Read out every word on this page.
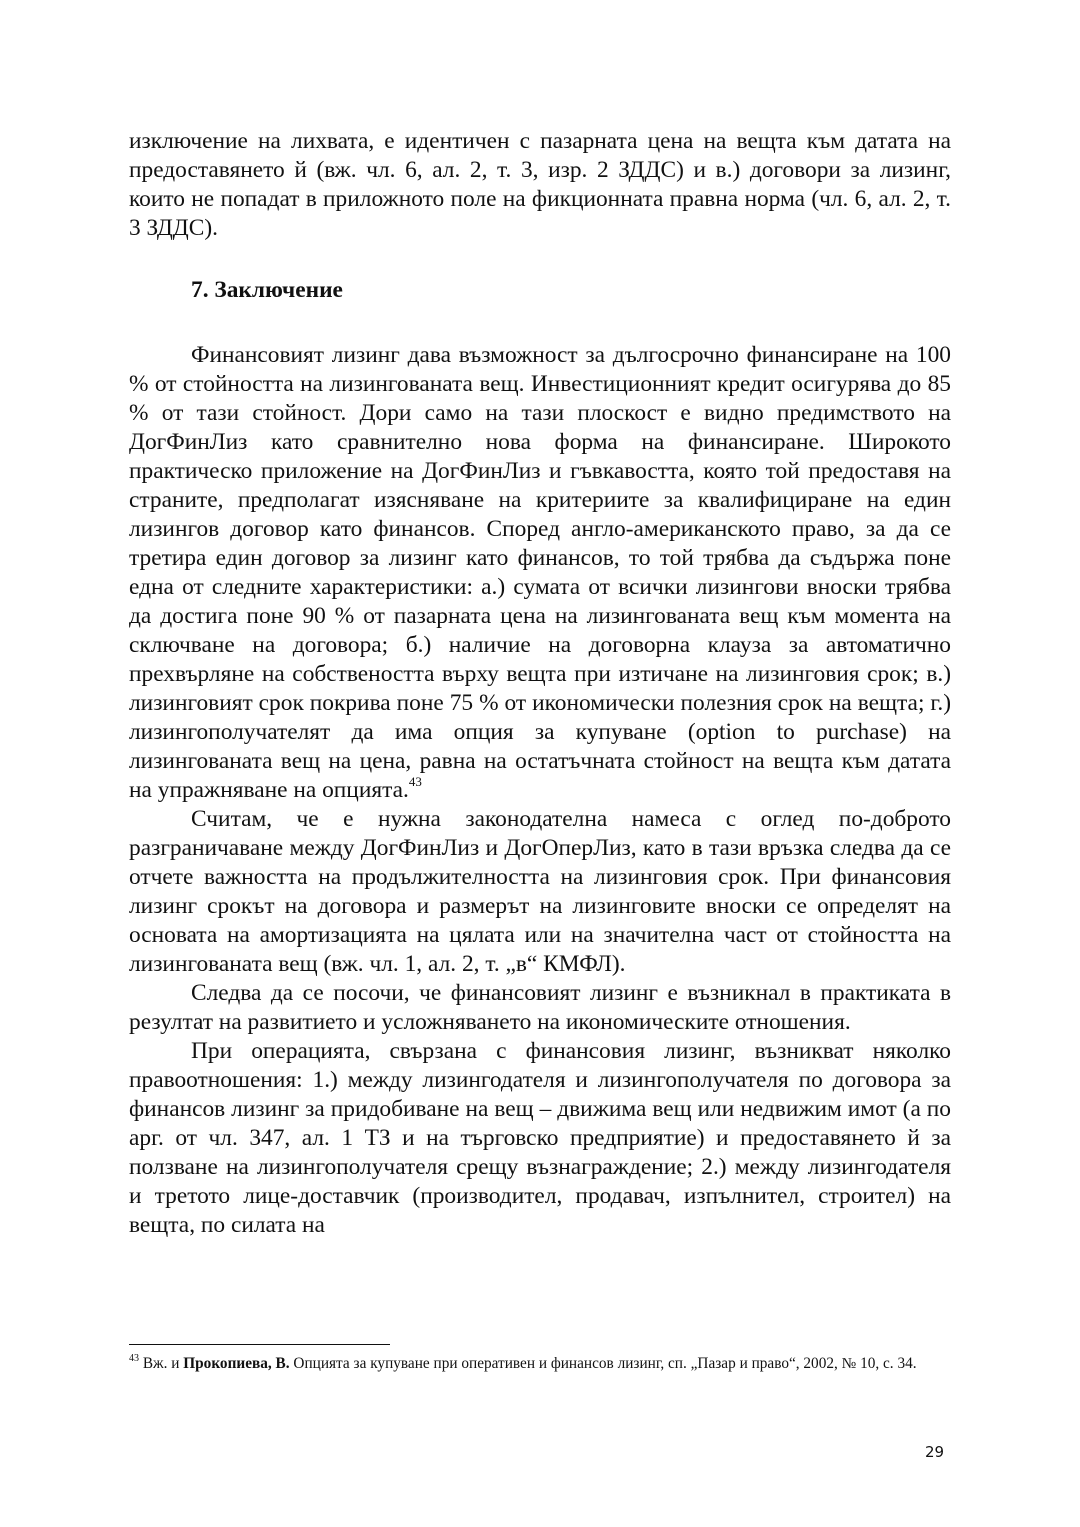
изключение на лихвата, е идентичен с пазарната цена на вещта към датата на предоставянето й (вж. чл. 6, ал. 2, т. 3, изр. 2 ЗДДС) и в.) договори за лизинг, които не попадат в приложното поле на фикционната правна норма (чл. 6, ал. 2, т. 3 ЗДДС).

7. Заключение

Финансовият лизинг дава възможност за дългосрочно финансиране на 100 % от стойността на лизингованата вещ. Инвестиционният кредит осигурява до 85 % от тази стойност. Дори само на тази плоскост е видно предимството на ДогФинЛиз като сравнително нова форма на финансиране. Широкото практическо приложение на ДогФинЛиз и гъвкавостта, която той предоставя на страните, предполагат изясняване на критериите за квалифициране на един лизингов договор като финансов. Според англо-американското право, за да се третира един договор за лизинг като финансов, то той трябва да съдържа поне една от следните характеристики: а.) сумата от всички лизингови вноски трябва да достига поне 90 % от пазарната цена на лизингованата вещ към момента на сключване на договора; б.) наличие на договорна клауза за автоматично прехвърляне на собствеността върху вещта при изтичане на лизинговия срок; в.) лизинговият срок покрива поне 75 % от икономически полезния срок на вещта; г.) лизингополучателят да има опция за купуване (option to purchase) на лизингованата вещ на цена, равна на остатъчната стойност на вещта към датата на упражняване на опцията.$^{43}$

Считам, че е нужна законодателна намеса с оглед по-доброто разграничаване между ДогФинЛиз и ДогОперЛиз, като в тази връзка следва да се отчете важността на продължителността на лизинговия срок. При финансовия лизинг срокът на договора и размерът на лизинговите вноски се определят на основата на амортизацията на цялата или на значителна част от стойността на лизингованата вещ (вж. чл. 1, ал. 2, т. „в“ КМФЛ).

Следва да се посочи, че финансовият лизинг е възникнал в практиката в резултат на развитието и усложняването на икономическите отношения.

При операцията, свързана с финансовия лизинг, възникват няколко правоотношения: 1.) между лизингодателя и лизингополучателя по договора за финансов лизинг за придобиване на вещ – движима вещ или недвижим имот (а по арг. от чл. 347, ал. 1 ТЗ и на търговско предприятие) и предоставянето й за ползване на лизингополучателя срещу възнаграждение; 2.) между лизингодателя и третото лице-доставчик (производител, продавач, изпълнител, строител) на вещта, по силата на

$^{43}$ Вж. и Прокопиева, В. Опцията за купуване при оперативен и финансов лизинг, сп. „Пазар и право“, 2002, № 10, с. 34.

29
